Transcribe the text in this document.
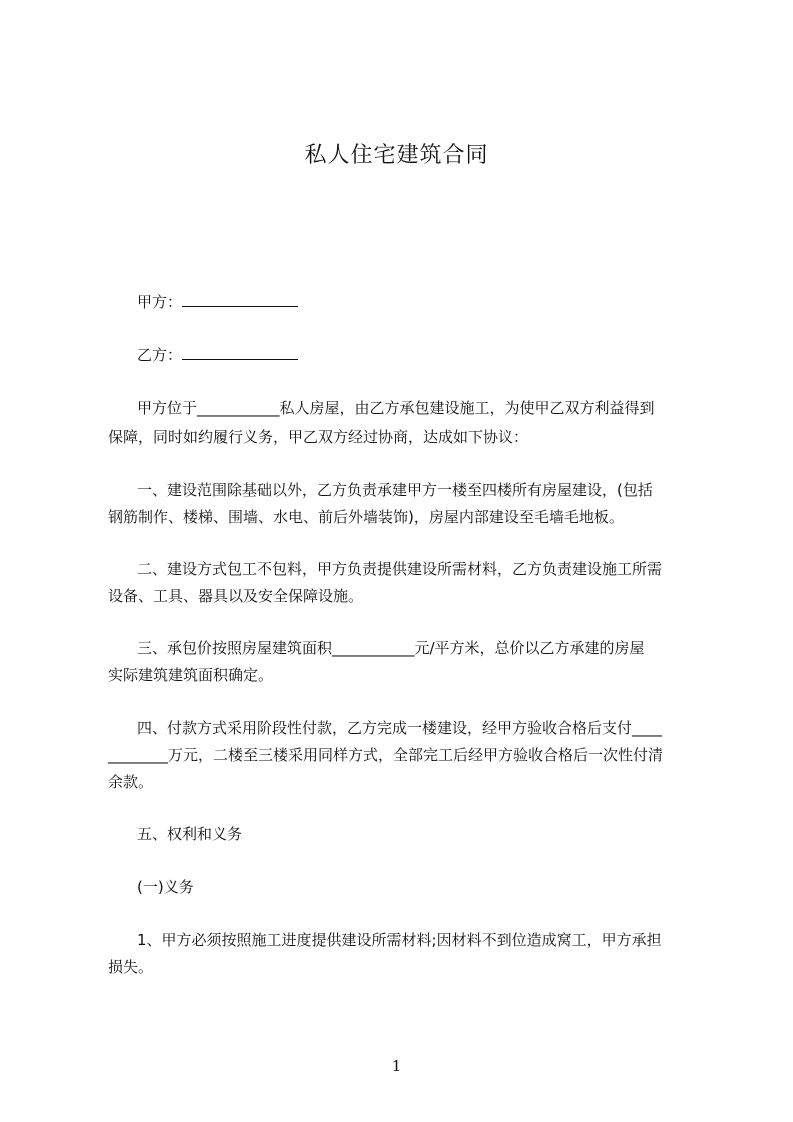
私人住宅建筑合同
甲方：
乙方：

甲方位于___________私人房屋，由乙方承包建设施工，为使甲乙双方利益得到

保障，同时如约履行义务，甲乙双方经过协商，达成如下协议：

一、建设范围除基础以外，乙方负责承建甲方一楼至四楼所有房屋建设，(包括

钢筋制作、楼梯、围墙、水电、前后外墙装饰)，房屋内部建设至毛墙毛地板。

二、建设方式包工不包料，甲方负责提供建设所需材料，乙方负责建设施工所需

设备、工具、器具以及安全保障设施。

三、承包价按照房屋建筑面积___________元/平方米，总价以乙方承建的房屋

实际建筑建筑面积确定。

四、付款方式采用阶段性付款，乙方完成一楼建设，经甲方验收合格后支付____

________万元，二楼至三楼采用同样方式，全部完工后经甲方验收合格后一次性付清

余款。

五、权利和义务

(一)义务

1、甲方必须按照施工进度提供建设所需材料;因材料不到位造成窝工，甲方承担

损失。

1
